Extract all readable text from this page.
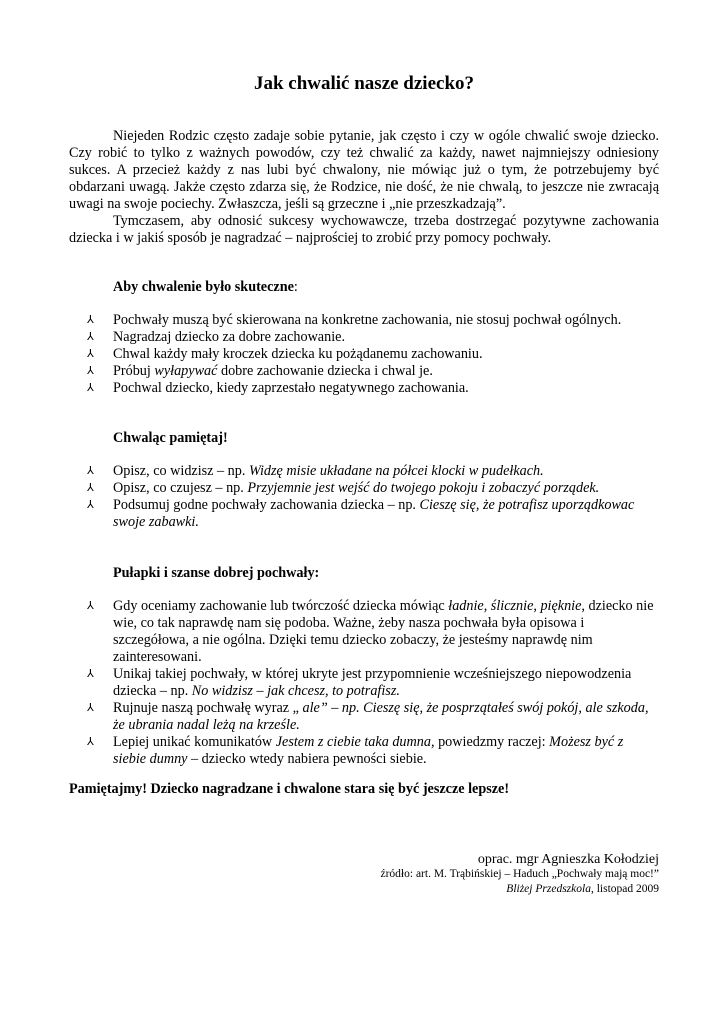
Jak chwalić nasze dziecko?

Niejeden Rodzic często zadaje sobie pytanie, jak często i czy w ogóle chwalić swoje dziecko. Czy robić to tylko z ważnych powodów, czy też chwalić za każdy, nawet najmniejszy odniesiony sukces. A przecież każdy z nas lubi być chwalony, nie mówiąc już o tym, że potrzebujemy być obdarzani uwagą. Jakże często zdarza się, że Rodzice, nie dość, że nie chwalą, to jeszcze nie zwracają uwagi na swoje pociechy. Zwłaszcza, jeśli są grzeczne i „nie przeszkadzają”.

Tymczasem, aby odnosić sukcesy wychowawcze, trzeba dostrzegać pozytywne zachowania dziecka i w jakiś sposób je nagradzać – najprościej to zrobić przy pomocy pochwały.

Aby chwalenie było skuteczne:
⅄ Pochwały muszą być skierowana na konkretne zachowania, nie stosuj pochwał ogólnych.
⅄ Nagradzaj dziecko za dobre zachowanie.
⅄ Chwal każdy mały kroczek dziecka ku pożądanemu zachowaniu.
⅄ Próbuj wyłapywać dobre zachowanie dziecka i chwal je.
⅄ Pochwal dziecko, kiedy zaprzestało negatywnego zachowania.
Chwaląc pamiętaj!
⅄ Opisz, co widzisz – np. Widzę misie układane na półcei klocki w pudełkach.
⅄ Opisz, co czujesz – np. Przyjemnie jest wejść do twojego pokoju i zobaczyć porządek.
⅄ Podsumuj godne pochwały zachowania dziecka – np. Cieszę się, że potrafisz uporządkowac swoje zabawki.
Pułapki i szanse dobrej pochwały:
⅄ Gdy oceniamy zachowanie lub twórczość dziecka mówiąc ładnie, ślicznie, pięknie, dziecko nie wie, co tak naprawdę nam się podoba. Ważne, żeby nasza pochwała była opisowa i szczegółowa, a nie ogólna. Dzięki temu dziecko zobaczy, że jesteśmy naprawdę nim zainteresowani.
⅄ Unikaj takiej pochwały, w której ukryte jest przypomnienie wcześniejszego niepowodzenia dziecka – np. No widzisz – jak chcesz, to potrafisz.
⅄ Rujnuje naszą pochwałę wyraz „ ale” – np. Cieszę się, że posprzątałeś swój pokój, ale szkoda, że ubrania nadal leżą na krześle.
⅄ Lepiej unikać komunikatów Jestem z ciebie taka dumna, powiedzmy raczej: Możesz być z siebie dumny – dziecko wtedy nabiera pewności siebie.
Pamiętajmy! Dziecko nagradzane i chwalone stara się być jeszcze lepsze!
oprac. mgr Agnieszka Kołodziej
źródło: art. M. Trąbińskiej – Haduch „Pochwały mają moc!”
Bliżej Przedszkola, listopad 2009
